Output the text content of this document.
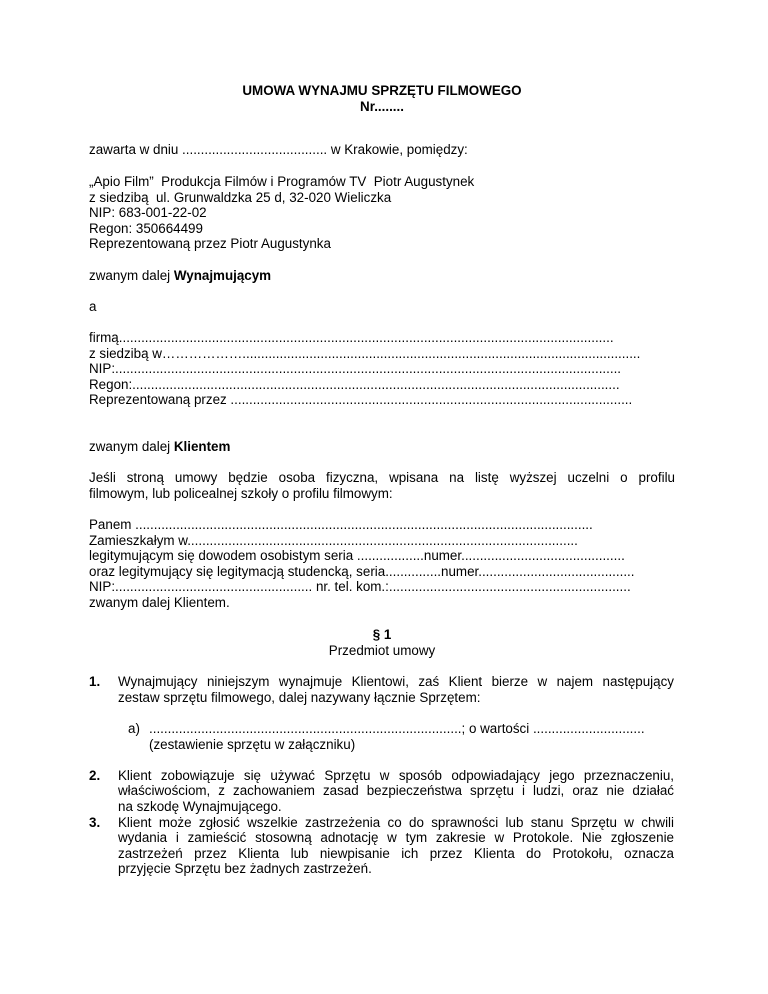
UMOWA WYNAJMU SPRZĘTU FILMOWEGO
Nr........
zawarta w dniu ....................................... w Krakowie, pomiędzy:
„Apio Film”  Produkcja Filmów i Programów TV  Piotr Augustynek
z siedzibą  ul. Grunwaldzka 25 d, 32-020 Wieliczka
NIP: 683-001-22-02
Regon: 350664499
Reprezentowaną przez Piotr Augustynka
zwanym dalej Wynajmującym
a
firmą.....................................................................................................................................
z siedzibą w………………...........................................................................................................
NIP:........................................................................................................................................
Regon:...................................................................................................................................
Reprezentowaną przez ............................................................................................................
zwanym dalej Klientem
Jeśli stroną umowy będzie osoba fizyczna, wpisana na listę wyższej uczelni o profilu
filmowym, lub policealnej szkoły o profilu filmowym:
Panem ...........................................................................................................................
Zamieszkałym w.........................................................................................................
legitymującym się dowodem osobistym seria ..................numer............................................
oraz legitymujący się legitymacją studencką, seria...............numer..........................................
NIP:..................................................... nr. tel. kom.:.................................................................
zwanym dalej Klientem.
§ 1
Przedmiot umowy
1. Wynajmujący niniejszym wynajmuje Klientowi, zaś Klient bierze w najem następujący
zestaw sprzętu filmowego, dalej nazywany łącznie Sprzętem:
a) ....................................................................................; o wartości ..............................
(zestawienie sprzętu w załączniku)
2. Klient zobowiązuje się używać Sprzętu w sposób odpowiadający jego przeznaczeniu,
właściwościom, z zachowaniem zasad bezpieczeństwa sprzętu i ludzi, oraz nie działać
na szkodę Wynajmującego.
3. Klient może zgłosić wszelkie zastrzeżenia co do sprawności lub stanu Sprzętu w chwili
wydania i zamieścić stosowną adnotację w tym zakresie w Protokole. Nie zgłoszenie
zastrzeżeń przez Klienta lub niewpisanie ich przez Klienta do Protokołu, oznacza
przyjęcie Sprzętu bez żadnych zastrzeżeń.
